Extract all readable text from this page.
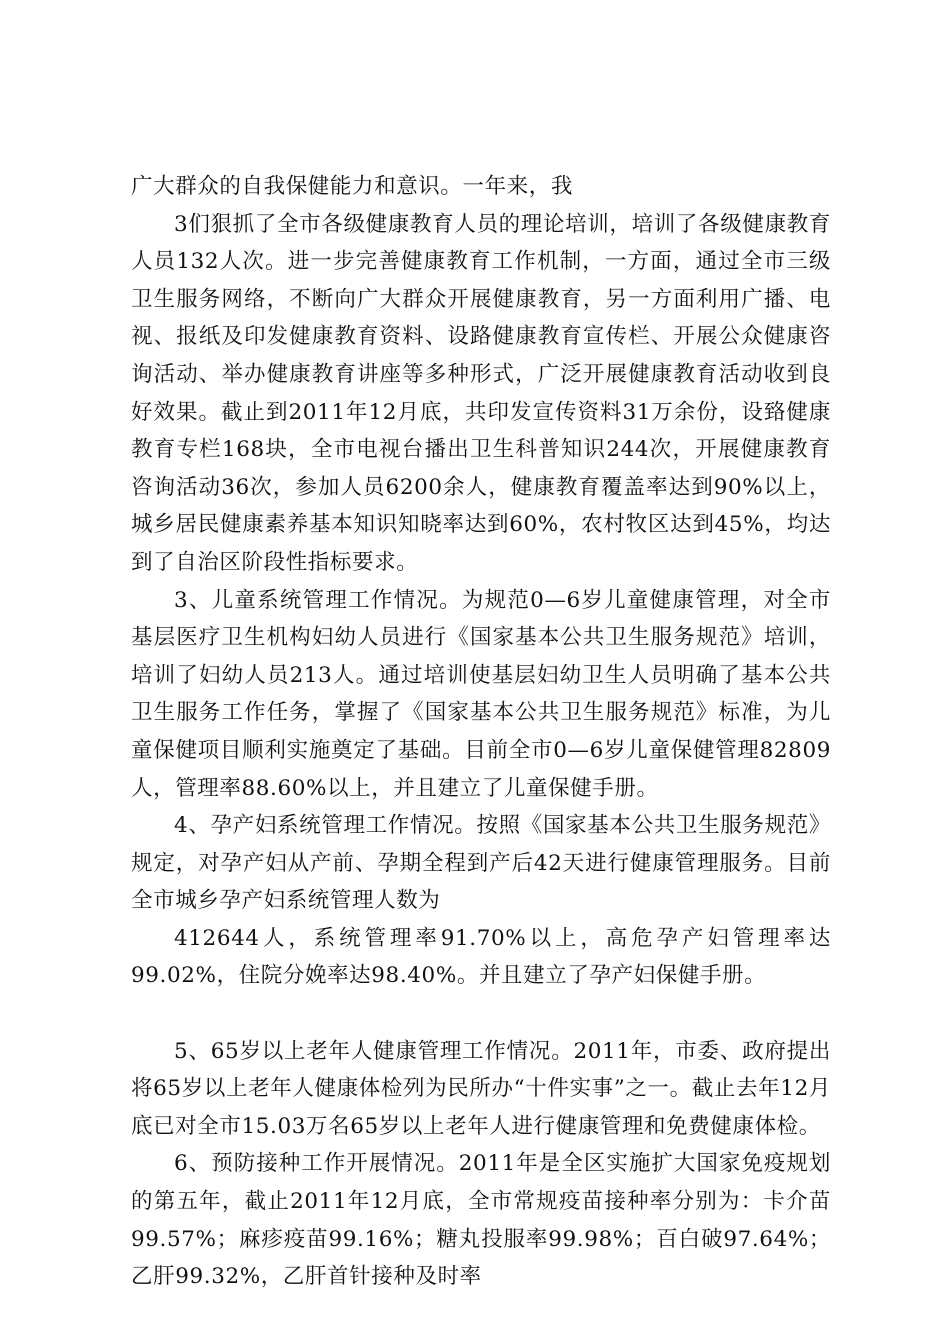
广大群众的自我保健能力和意识。一年来，我

3们狠抓了全市各级健康教育人员的理论培训，培训了各级健康教育人员132人次。进一步完善健康教育工作机制，一方面，通过全市三级卫生服务网络，不断向广大群众开展健康教育，另一方面利用广播、电视、报纸及印发健康教育资料、设路健康教育宣传栏、开展公众健康咨询活动、举办健康教育讲座等多种形式，广泛开展健康教育活动收到良好效果。截止到2011年12月底，共印发宣传资料31万余份，设臵健康教育专栏168块，全市电视台播出卫生科普知识244次，开展健康教育咨询活动36次，参加人员6200余人，健康教育覆盖率达到90%以上，城乡居民健康素养基本知识知晓率达到60%，农村牧区达到45%，均达到了自治区阶段性指标要求。

3、儿童系统管理工作情况。为规范0—6岁儿童健康管理，对全市基层医疗卫生机构妇幼人员进行《国家基本公共卫生服务规范》培训，培训了妇幼人员213人。通过培训使基层妇幼卫生人员明确了基本公共卫生服务工作任务，掌握了《国家基本公共卫生服务规范》标准，为儿童保健项目顺利实施奠定了基础。目前全市0—6岁儿童保健管理82809人，管理率88.60%以上，并且建立了儿童保健手册。

4、孕产妇系统管理工作情况。按照《国家基本公共卫生服务规范》规定，对孕产妇从产前、孕期全程到产后42天进行健康管理服务。目前全市城乡孕产妇系统管理人数为

412644人，系统管理率91.70%以上，高危孕产妇管理率达99.02%，住院分娩率达98.40%。并且建立了孕产妇保健手册。

5、65岁以上老年人健康管理工作情况。2011年，市委、政府提出将65岁以上老年人健康体检列为民所办“十件实事”之一。截止去年12月底已对全市15.03万名65岁以上老年人进行健康管理和免费健康体检。

6、预防接种工作开展情况。2011年是全区实施扩大国家免疫规划的第五年，截止2011年12月底，全市常规疫苗接种率分别为：卡介苗99.57%；麻疹疫苗99.16%；糖丸投服率99.98%；百白破97.64%；乙肝99.32%，乙肝首针接种及时率
